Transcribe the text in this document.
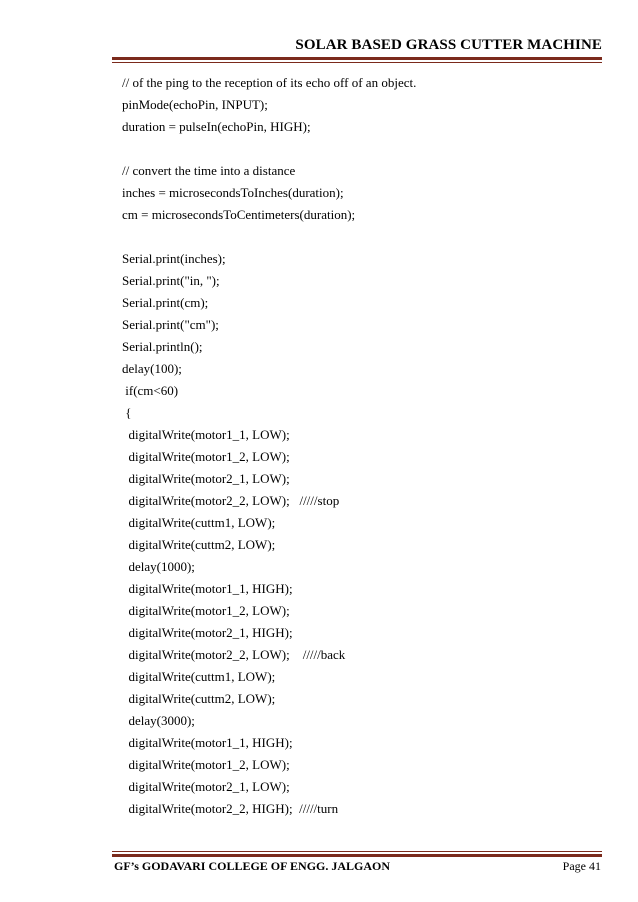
SOLAR BASED GRASS CUTTER MACHINE
// of the ping to the reception of its echo off of an object.
pinMode(echoPin, INPUT);
duration = pulseIn(echoPin, HIGH);
// convert the time into a distance
inches = microsecondsToInches(duration);
cm = microsecondsToCentimeters(duration);
Serial.print(inches);
Serial.print("in, ");
Serial.print(cm);
Serial.print("cm");
Serial.println();
delay(100);
if(cm<60)
{
digitalWrite(motor1_1, LOW);
digitalWrite(motor1_2, LOW);
digitalWrite(motor2_1, LOW);
digitalWrite(motor2_2, LOW);   /////stop
digitalWrite(cuttm1, LOW);
digitalWrite(cuttm2, LOW);
delay(1000);
digitalWrite(motor1_1, HIGH);
digitalWrite(motor1_2, LOW);
digitalWrite(motor2_1, HIGH);
digitalWrite(motor2_2, LOW);    /////back
digitalWrite(cuttm1, LOW);
digitalWrite(cuttm2, LOW);
delay(3000);
digitalWrite(motor1_1, HIGH);
digitalWrite(motor1_2, LOW);
digitalWrite(motor2_1, LOW);
digitalWrite(motor2_2, HIGH);  /////turn
GF’s GODAVARI COLLEGE OF ENGG. JALGAON	Page 41
